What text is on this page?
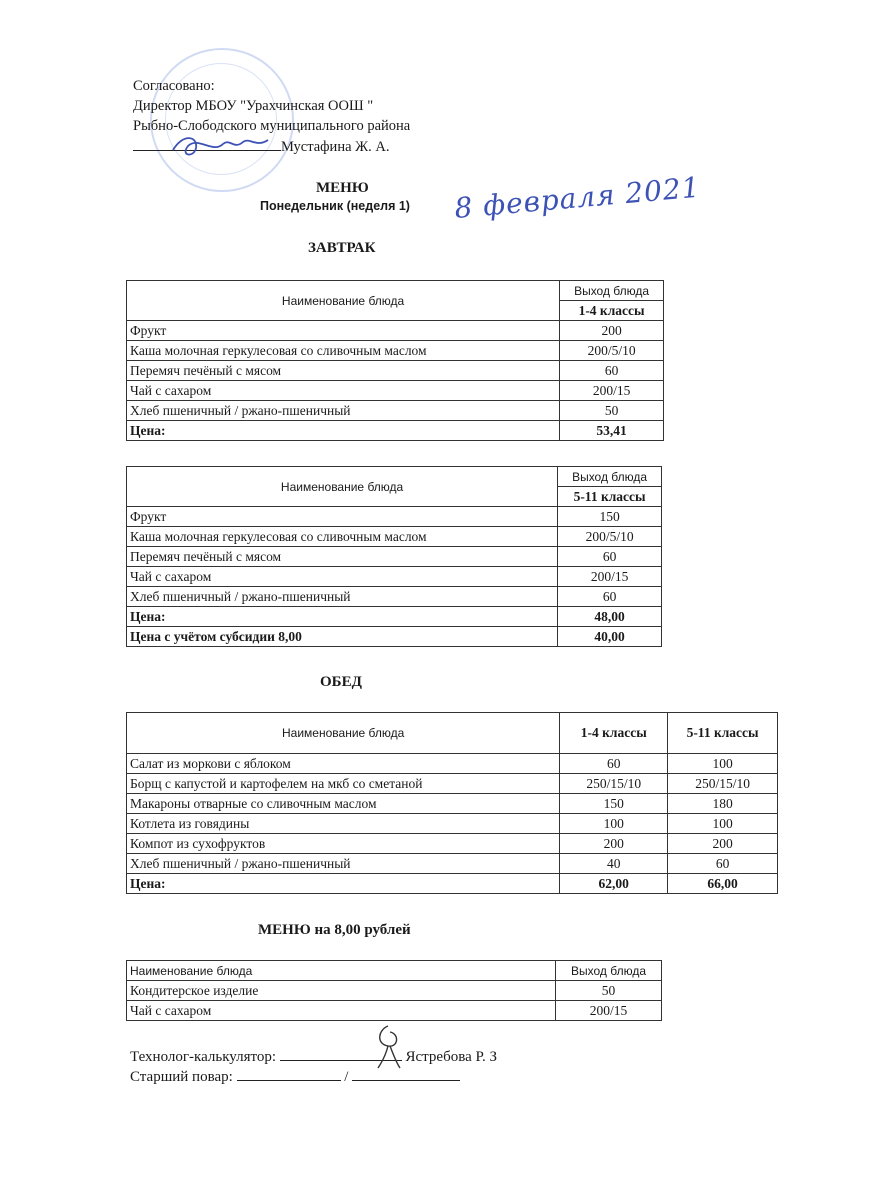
Согласовано:
Директор МБОУ "Урахчинская ООШ "
Рыбно-Слободского муниципального района
Мустафина Ж. А.
МЕНЮ
Понедельник (неделя 1) 8 февраля 2021
ЗАВТРАК
Наименование блюда	Выход блюда
	1-4 классы
Фрукт	200
Каша молочная геркулесовая со сливочным маслом	200/5/10
Перемяч печёный с мясом	60
Чай с сахаром	200/15
Хлеб пшеничный / ржано-пшеничный	50
Цена:	53,41
Наименование блюда	Выход блюда
	5-11 классы
Фрукт	150
Каша молочная геркулесовая со сливочным маслом	200/5/10
Перемяч печёный с мясом	60
Чай с сахаром	200/15
Хлеб пшеничный / ржано-пшеничный	60
Цена:	48,00
Цена с учётом субсидии 8,00	40,00
ОБЕД
Наименование блюда	1-4 классы	5-11 классы
Салат из моркови с яблоком	60	100
Борщ с капустой и картофелем на мкб со сметаной	250/15/10	250/15/10
Макароны отварные со сливочным маслом	150	180
Котлета из говядины	100	100
Компот из сухофруктов	200	200
Хлеб пшеничный / ржано-пшеничный	40	60
Цена:	62,00	66,00
МЕНЮ на 8,00 рублей
Наименование блюда	Выход блюда
Кондитерское изделие	50
Чай с сахаром	200/15
Технолог-калькулятор:	Ястребова Р. З
Старший повар:	/
